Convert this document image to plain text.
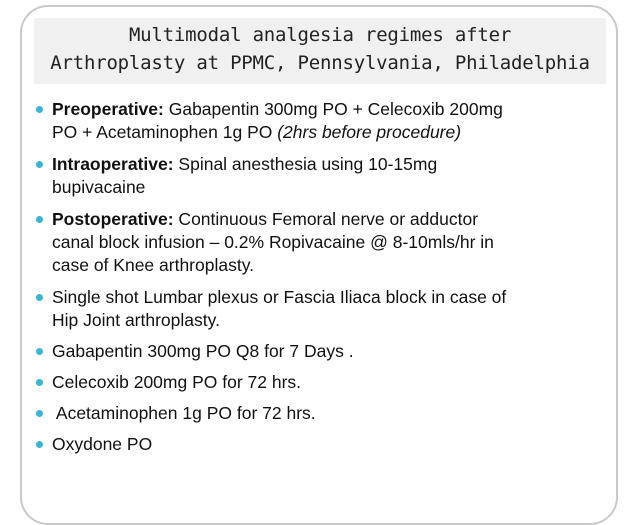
Multimodal analgesia regimes after
Arthroplasty at PPMC, Pennsylvania, Philadelphia
Preoperative: Gabapentin 300mg PO + Celecoxib 200mg
PO + Acetaminophen 1g PO (2hrs before procedure)
Intraoperative: Spinal anesthesia using 10-15mg
bupivacaine
Postoperative: Continuous Femoral nerve or adductor
canal block infusion – 0.2% Ropivacaine @ 8-10mls/hr in
case of Knee arthroplasty.
Single shot Lumbar plexus or Fascia Iliaca block in case of
Hip Joint arthroplasty.
Gabapentin 300mg PO Q8 for 7 Days .
Celecoxib 200mg PO for 72 hrs.
Acetaminophen 1g PO for 72 hrs.
Oxydone PO
